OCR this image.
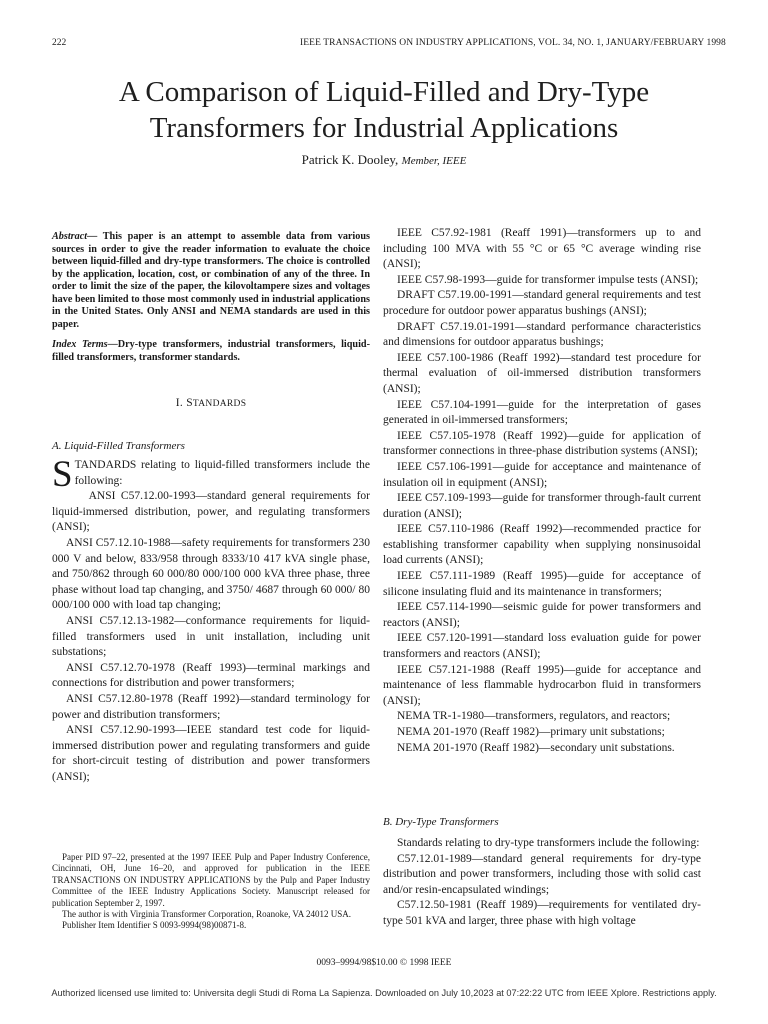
222	IEEE TRANSACTIONS ON INDUSTRY APPLICATIONS, VOL. 34, NO. 1, JANUARY/FEBRUARY 1998
A Comparison of Liquid-Filled and Dry-Type
Transformers for Industrial Applications
Patrick K. Dooley, Member, IEEE
Abstract— This paper is an attempt to assemble data from various sources in order to give the reader information to evaluate the choice between liquid-filled and dry-type transformers. The choice is controlled by the application, location, cost, or combination of any of the three. In order to limit the size of the paper, the kilovoltampere sizes and voltages have been limited to those most commonly used in industrial applications in the United States. Only ANSI and NEMA standards are used in this paper.
Index Terms—Dry-type transformers, industrial transformers, liquid-filled transformers, transformer standards.
I. STANDARDS
A. Liquid-Filled Transformers

STANDARDS relating to liquid-filled transformers include the following:

ANSI C57.12.00-1993—standard general requirements for liquid-immersed distribution, power, and regulating transformers (ANSI);

ANSI C57.12.10-1988—safety requirements for transformers 230 000 V and below, 833/958 through 8333/10 417 kVA single phase, and 750/862 through 60 000/80 000/100 000 kVA three phase, three phase without load tap changing, and 3750/ 4687 through 60 000/ 80 000/100 000 with load tap changing;

ANSI C57.12.13-1982—conformance requirements for liquid-filled transformers used in unit installation, including unit substations;

ANSI C57.12.70-1978 (Reaff 1993)—terminal markings and connections for distribution and power transformers;

ANSI C57.12.80-1978 (Reaff 1992)—standard terminology for power and distribution transformers;

ANSI C57.12.90-1993—IEEE standard test code for liquid-immersed distribution power and regulating transformers and guide for short-circuit testing of distribution and power transformers (ANSI);

Paper PID 97–22, presented at the 1997 IEEE Pulp and Paper Industry Conference, Cincinnati, OH, June 16–20, and approved for publication in the IEEE TRANSACTIONS ON INDUSTRY APPLICATIONS by the Pulp and Paper Industry Committee of the IEEE Industry Applications Society. Manuscript released for publication September 2, 1997.

The author is with Virginia Transformer Corporation, Roanoke, VA 24012 USA.

Publisher Item Identifier S 0093-9994(98)00871-8.

IEEE C57.92-1981 (Reaff 1991)—transformers up to and including 100 MVA with 55 °C or 65 °C average winding rise (ANSI);

IEEE C57.98-1993—guide for transformer impulse tests (ANSI);

DRAFT C57.19.00-1991—standard general requirements and test procedure for outdoor power apparatus bushings (ANSI);

DRAFT C57.19.01-1991—standard performance characteristics and dimensions for outdoor apparatus bushings;

IEEE C57.100-1986 (Reaff 1992)—standard test procedure for thermal evaluation of oil-immersed distribution transformers (ANSI);

IEEE C57.104-1991—guide for the interpretation of gases generated in oil-immersed transformers;

IEEE C57.105-1978 (Reaff 1992)—guide for application of transformer connections in three-phase distribution systems (ANSI);

IEEE C57.106-1991—guide for acceptance and maintenance of insulation oil in equipment (ANSI);

IEEE C57.109-1993—guide for transformer through-fault current duration (ANSI);

IEEE C57.110-1986 (Reaff 1992)—recommended practice for establishing transformer capability when supplying nonsinusoidal load currents (ANSI);

IEEE C57.111-1989 (Reaff 1995)—guide for acceptance of silicone insulating fluid and its maintenance in transformers;

IEEE C57.114-1990—seismic guide for power transformers and reactors (ANSI);

IEEE C57.120-1991—standard loss evaluation guide for power transformers and reactors (ANSI);

IEEE C57.121-1988 (Reaff 1995)—guide for acceptance and maintenance of less flammable hydrocarbon fluid in transformers (ANSI);

NEMA TR-1-1980—transformers, regulators, and reactors;

NEMA 201-1970 (Reaff 1982)—primary unit substations;

NEMA 201-1970 (Reaff 1982)—secondary unit substations.

B. Dry-Type Transformers

Standards relating to dry-type transformers include the following:

C57.12.01-1989—standard general requirements for dry-type distribution and power transformers, including those with solid cast and/or resin-encapsulated windings;

C57.12.50-1981 (Reaff 1989)—requirements for ventilated dry-type 501 kVA and larger, three phase with high voltage

0093–9994/98$10.00 © 1998 IEEE
Authorized licensed use limited to: Universita degli Studi di Roma La Sapienza. Downloaded on July 10,2023 at 07:22:22 UTC from IEEE Xplore. Restrictions apply.
